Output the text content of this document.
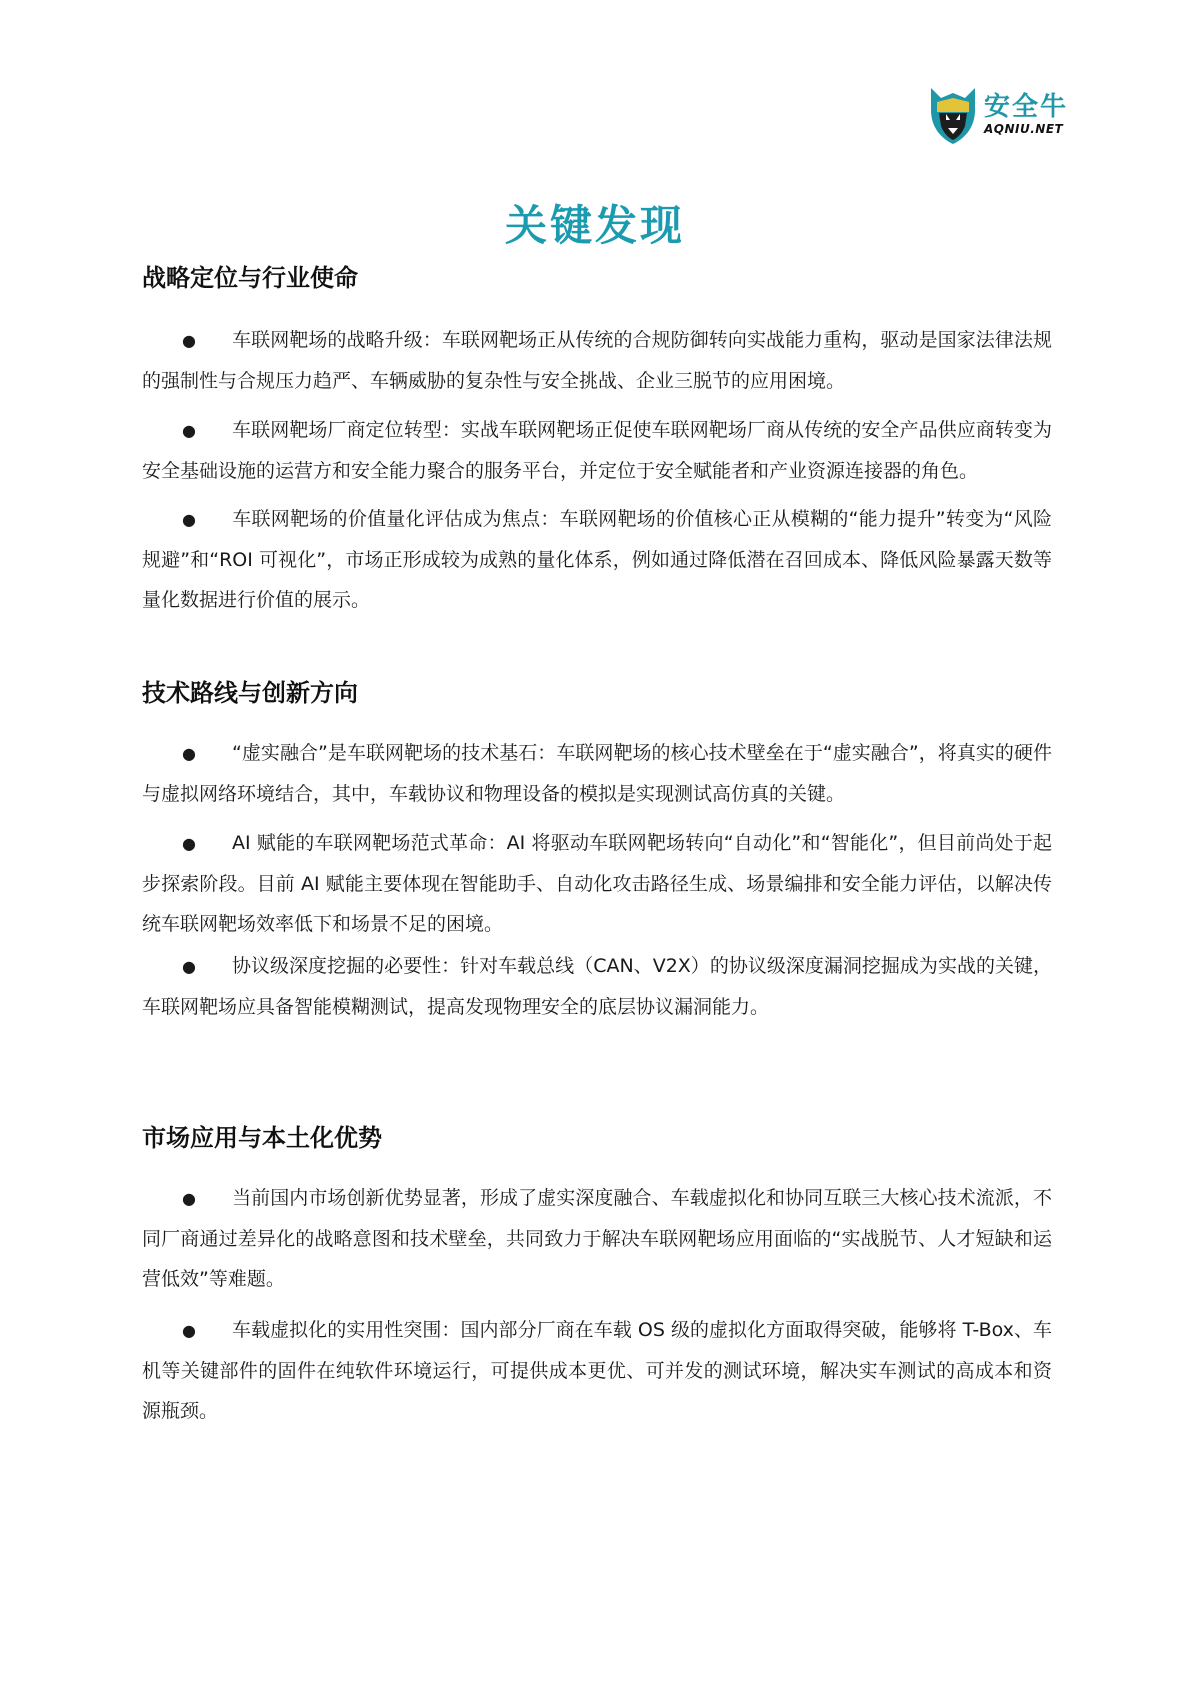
安全牛
AQNIU.NET
关键发现
战略定位与行业使命
● 车联网靶场的战略升级：车联网靶场正从传统的合规防御转向实战能力重构，驱动是国家法律法规的强制性与合规压力趋严、车辆威胁的复杂性与安全挑战、企业三脱节的应用困境。
● 车联网靶场厂商定位转型：实战车联网靶场正促使车联网靶场厂商从传统的安全产品供应商转变为安全基础设施的运营方和安全能力聚合的服务平台，并定位于安全赋能者和产业资源连接器的角色。
● 车联网靶场的价值量化评估成为焦点：车联网靶场的价值核心正从模糊的“能力提升”转变为“风险规避”和“ROI 可视化”，市场正形成较为成熟的量化体系，例如通过降低潜在召回成本、降低风险暴露天数等量化数据进行价值的展示。
技术路线与创新方向
● “虚实融合”是车联网靶场的技术基石：车联网靶场的核心技术壁垒在于“虚实融合”，将真实的硬件与虚拟网络环境结合，其中，车载协议和物理设备的模拟是实现测试高仿真的关键。
● AI 赋能的车联网靶场范式革命：AI 将驱动车联网靶场转向“自动化”和“智能化”，但目前尚处于起步探索阶段。目前 AI 赋能主要体现在智能助手、自动化攻击路径生成、场景编排和安全能力评估，以解决传统车联网靶场效率低下和场景不足的困境。
● 协议级深度挖掘的必要性：针对车载总线（CAN、V2X）的协议级深度漏洞挖掘成为实战的关键，车联网靶场应具备智能模糊测试，提高发现物理安全的底层协议漏洞能力。
市场应用与本土化优势
● 当前国内市场创新优势显著，形成了虚实深度融合、车载虚拟化和协同互联三大核心技术流派，不同厂商通过差异化的战略意图和技术壁垒，共同致力于解决车联网靶场应用面临的“实战脱节、人才短缺和运营低效”等难题。
● 车载虚拟化的实用性突围：国内部分厂商在车载 OS 级的虚拟化方面取得突破，能够将 T-Box、车机等关键部件的固件在纯软件环境运行，可提供成本更优、可并发的测试环境，解决实车测试的高成本和资源瓶颈。
